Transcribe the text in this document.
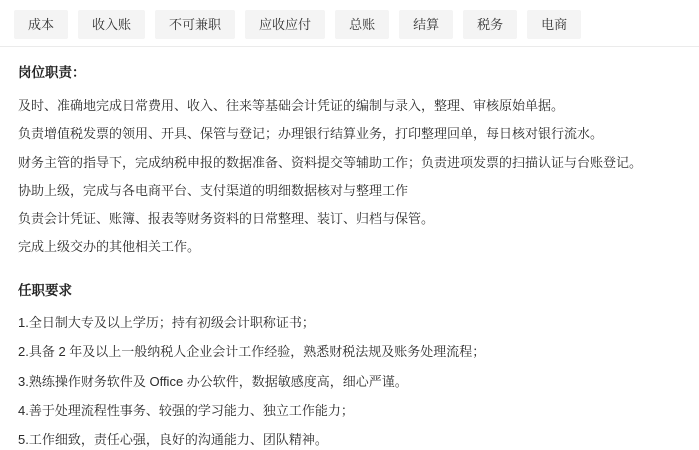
成本	收入账	不可兼职	应收应付	总账	结算	税务	电商

岗位职责：

及时、准确地完成日常费用、收入、往来等基础会计凭证的编制与录入，整理、审核原始单据。

负责增值税发票的领用、开具、保管与登记；办理银行结算业务，打印整理回单，每日核对银行流水。

财务主管的指导下，完成纳税申报的数据准备、资料提交等辅助工作；负责进项发票的扫描认证与台账登记。

协助上级，完成与各电商平台、支付渠道的明细数据核对与整理工作

负责会计凭证、账簿、报表等财务资料的日常整理、装订、归档与保管。

完成上级交办的其他相关工作。

任职要求

1.全日制大专及以上学历；持有初级会计职称证书；

2.具备 2 年及以上一般纳税人企业会计工作经验，熟悉财税法规及账务处理流程；

3.熟练操作财务软件及 Office 办公软件，数据敏感度高，细心严谨。

4.善于处理流程性事务、较强的学习能力、独立工作能力；

5.工作细致，责任心强，良好的沟通能力、团队精神。
